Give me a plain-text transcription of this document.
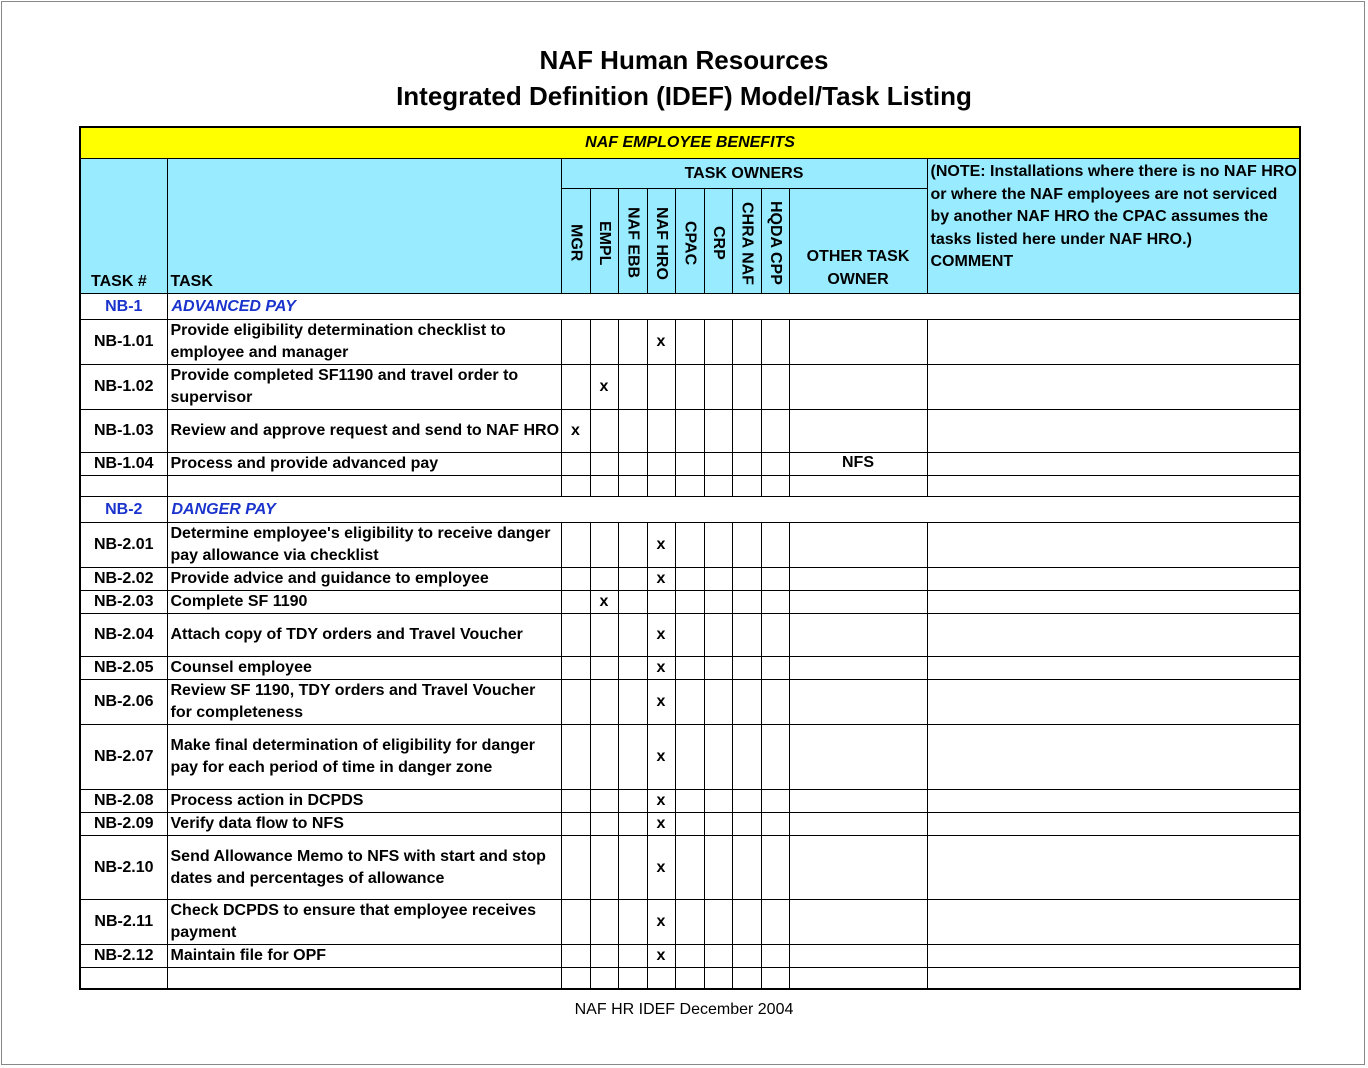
NAF Human Resources
Integrated Definition (IDEF) Model/Task Listing
NAF EMPLOYEE BENEFITS											
TASK #	TASK	TASK OWNERS									(NOTE: Installations where there is no NAF HRO or where the NAF employees are not serviced by another NAF HRO the CPAC assumes the tasks listed here under NAF HRO.)
COMMENT

		MGR	EMPL	NAF EBB	NAF HRO	CPAC	CRP	CHRA NAF	HQDA CPP	OTHER TASK
OWNER	
NB-1	ADVANCED PAY										
NB-1.01	Provide eligibility determination checklist to employee and manager				x						
NB-1.02	Provide completed SF1190 and travel order to supervisor		x								
NB-1.03	Review and approve request and send to NAF HRO	x									
NB-1.04	Process and provide advanced pay									NFS	

NB-2	DANGER PAY										
NB-2.01	Determine employee's eligibility to receive danger pay allowance via checklist				x						
NB-2.02	Provide advice and guidance to employee				x						
NB-2.03	Complete SF 1190		x								
NB-2.04	Attach copy of TDY orders and Travel Voucher				x						
NB-2.05	Counsel employee				x						
NB-2.06	Review SF 1190, TDY orders and Travel Voucher for completeness				x						
NB-2.07	Make final determination of eligibility for danger pay for each period of time in danger zone				x						
NB-2.08	Process action in DCPDS				x						
NB-2.09	Verify data flow to NFS				x						
NB-2.10	Send Allowance Memo to NFS with start and stop dates and percentages of allowance				x						
NB-2.11	Check DCPDS to ensure that employee receives payment				x						
NB-2.12	Maintain file for OPF				x						

NAF HR IDEF December 2004
